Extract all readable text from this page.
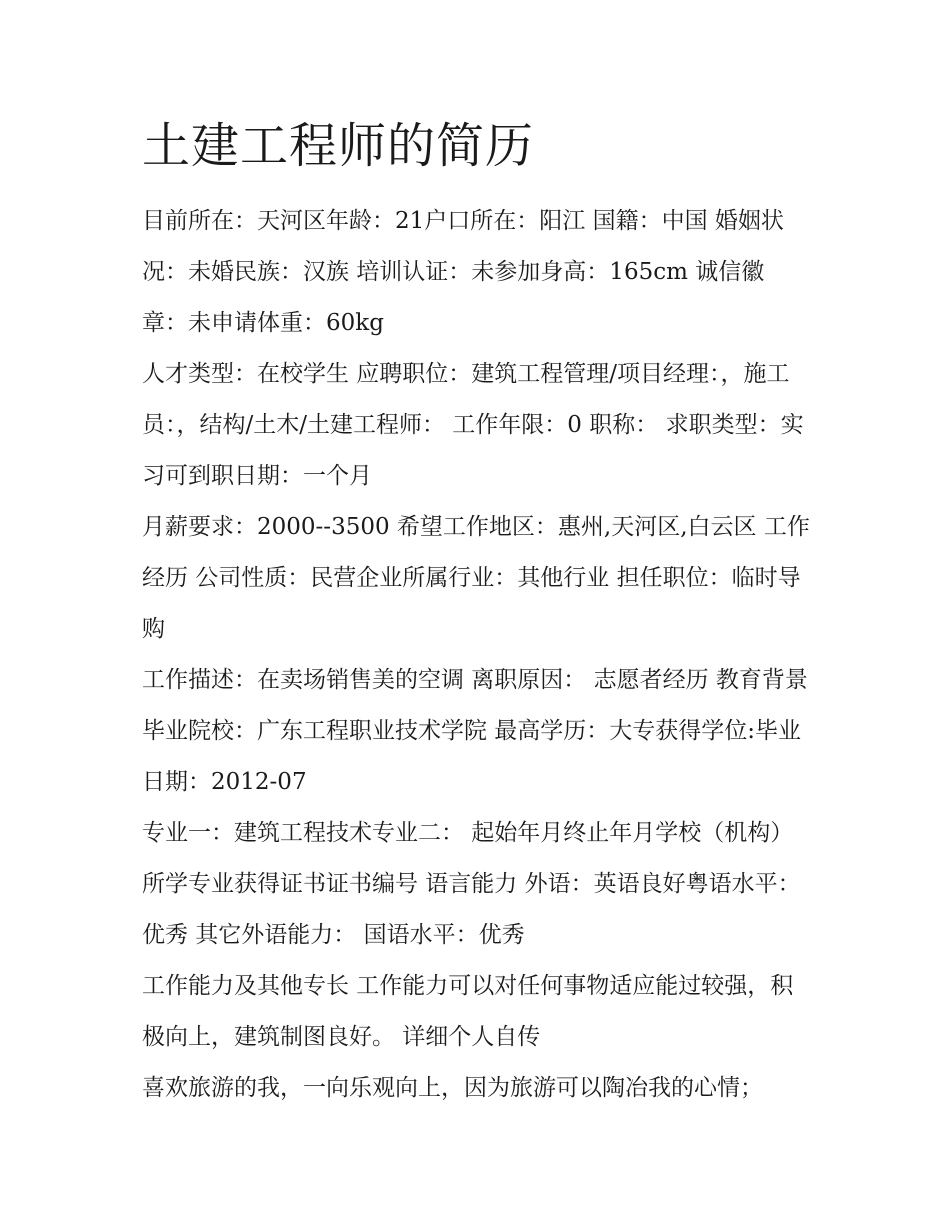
土建工程师的简历

目前所在：天河区年龄：21户口所在：阳江 国籍：中国 婚姻状况：未婚民族：汉族 培训认证：未参加身高：165cm 诚信徽章：未申请体重：60kg

人才类型：在校学生 应聘职位：建筑工程管理/项目经理：，施工员：，结构/土木/土建工程师： 工作年限：0 职称： 求职类型：实习可到职日期：一个月

月薪要求：2000--3500 希望工作地区：惠州,天河区,白云区 工作经历 公司性质：民营企业所属行业：其他行业 担任职位：临时导购

工作描述：在卖场销售美的空调 离职原因： 志愿者经历 教育背景 毕业院校：广东工程职业技术学院 最高学历：大专获得学位:毕业日期：2012-07

专业一：建筑工程技术专业二： 起始年月终止年月学校（机构）所学专业获得证书证书编号 语言能力 外语：英语良好粤语水平：优秀 其它外语能力： 国语水平：优秀

工作能力及其他专长 工作能力可以对任何事物适应能过较强，积极向上，建筑制图良好。 详细个人自传

喜欢旅游的我，一向乐观向上，因为旅游可以陶冶我的心情；
